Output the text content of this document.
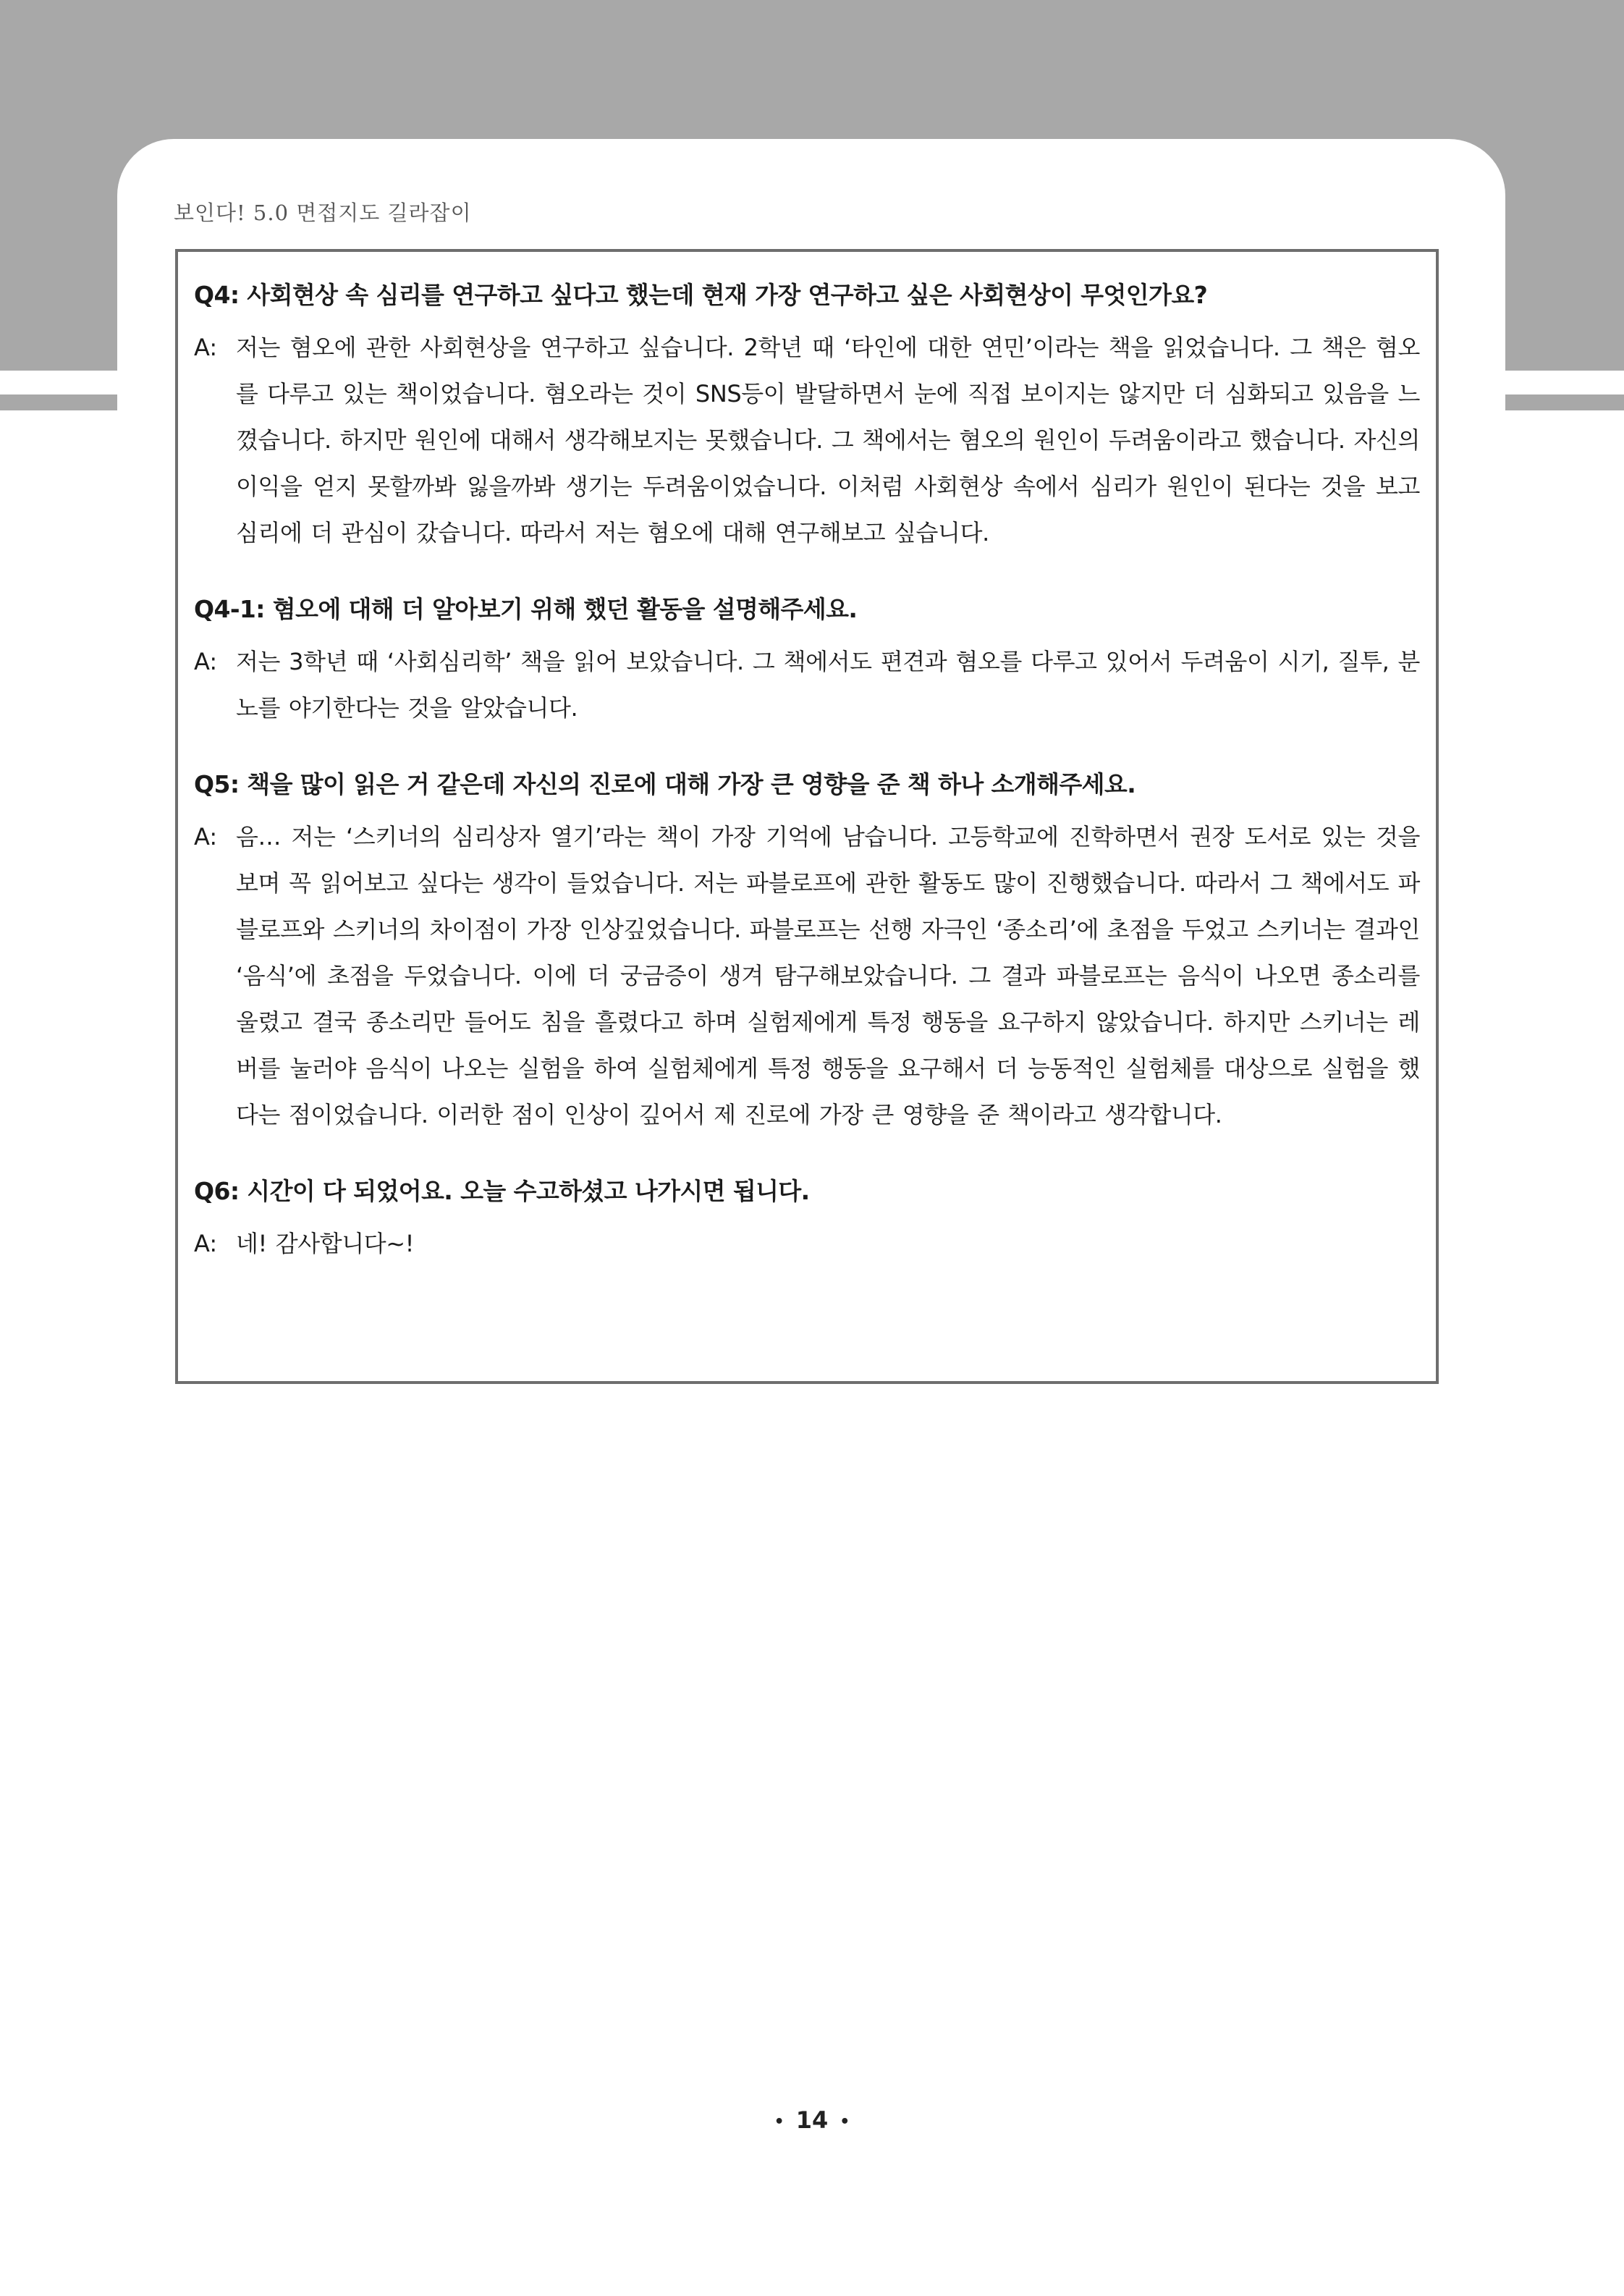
보인다! 5.0 면접지도 길라잡이
Q4: 사회현상 속 심리를 연구하고 싶다고 했는데 현재 가장 연구하고 싶은 사회현상이 무엇인가요?
A: 저는 혐오에 관한 사회현상을 연구하고 싶습니다. 2학년 때 ‘타인에 대한 연민’이라는 책을 읽었습니다. 그 책은 혐오를 다루고 있는 책이었습니다. 혐오라는 것이 SNS등이 발달하면서 눈에 직접 보이지는 않지만 더 심화되고 있음을 느꼈습니다. 하지만 원인에 대해서 생각해보지는 못했습니다. 그 책에서는 혐오의 원인이 두려움이라고 했습니다. 자신의 이익을 얻지 못할까봐 잃을까봐 생기는 두려움이었습니다. 이처럼 사회현상 속에서 심리가 원인이 된다는 것을 보고 심리에 더 관심이 갔습니다. 따라서 저는 혐오에 대해 연구해보고 싶습니다.
Q4-1: 혐오에 대해 더 알아보기 위해 했던 활동을 설명해주세요.
A: 저는 3학년 때 ‘사회심리학’ 책을 읽어 보았습니다. 그 책에서도 편견과 혐오를 다루고 있어서 두려움이 시기, 질투, 분노를 야기한다는 것을 알았습니다.
Q5: 책을 많이 읽은 거 같은데 자신의 진로에 대해 가장 큰 영향을 준 책 하나 소개해주세요.
A: 음… 저는 ‘스키너의 심리상자 열기’라는 책이 가장 기억에 남습니다. 고등학교에 진학하면서 권장 도서로 있는 것을 보며 꼭 읽어보고 싶다는 생각이 들었습니다. 저는 파블로프에 관한 활동도 많이 진행했습니다. 따라서 그 책에서도 파블로프와 스키너의 차이점이 가장 인상깊었습니다. 파블로프는 선행 자극인 ‘종소리’에 초점을 두었고 스키너는 결과인 ‘음식’에 초점을 두었습니다. 이에 더 궁금증이 생겨 탐구해보았습니다. 그 결과 파블로프는 음식이 나오면 종소리를 울렸고 결국 종소리만 들어도 침을 흘렸다고 하며 실험제에게 특정 행동을 요구하지 않았습니다. 하지만 스키너는 레버를 눌러야 음식이 나오는 실험을 하여 실험체에게 특정 행동을 요구해서 더 능동적인 실험체를 대상으로 실험을 했다는 점이었습니다. 이러한 점이 인상이 깊어서 제 진로에 가장 큰 영향을 준 책이라고 생각합니다.
Q6: 시간이 다 되었어요. 오늘 수고하셨고 나가시면 됩니다.
A: 네! 감사합니다~!
• 14 •
